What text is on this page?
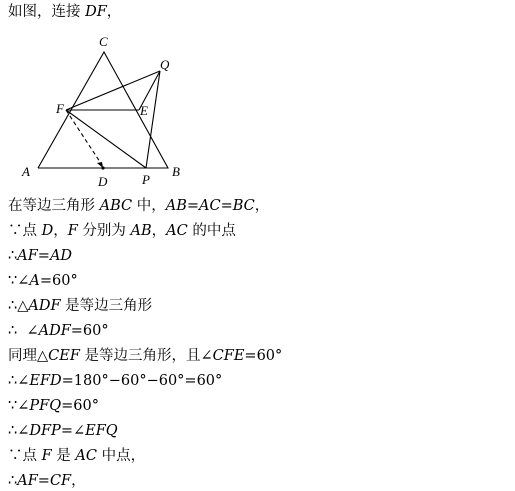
如图，连接 DF，

C
Q
F	E
A
D	P
B

在等边三角形 ABC 中，AB=AC=BC，

∵点 D，F 分别为 AB，AC 的中点

∴AF=AD

∵∠A=60°

∴△ADF 是等边三角形

∴  ∠ADF=60°

同理△CEF 是等边三角形，且∠CFE=60°

∴∠EFD=180°−60°−60°=60°

∵∠PFQ=60°

∴∠DFP=∠EFQ

∵点 F 是 AC 中点，

∴AF=CF，
